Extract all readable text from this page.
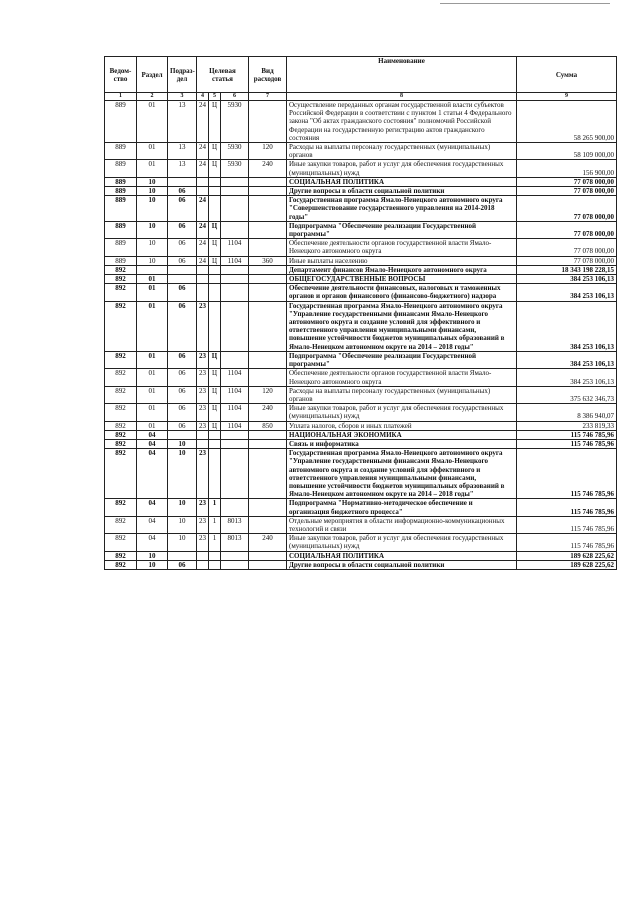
Ведом-ство	Раздел	Подраз-дел	Целевая статья			Вид расходов	Наименование	Сумма
1	2	3	4	5	6	7	8	9
889	01	13	24	Ц	5930		Осуществление переданных органам государственной власти субъектов Российской Федерации в соответствии с пунктом 1 статьи 4 Федерального закона "Об актах гражданского состояния" полномочий Российской Федерации на государственную регистрацию актов гражданского состояния	58 265 900,00
889	01	13	24	Ц	5930	120	Расходы на выплаты персоналу государственных (муниципальных) органов	58 109 000,00
889	01	13	24	Ц	5930	240	Иные закупки товаров, работ и услуг для обеспечения государственных (муниципальных) нужд	156 900,00
889	10						СОЦИАЛЬНАЯ ПОЛИТИКА	77 078 000,00
889	10	06					Другие вопросы в области социальной политики	77 078 000,00
889	10	06	24				Государственная программа Ямало-Ненецкого автономного округа "Совершенствование государственного управления на 2014-2018 годы"	77 078 000,00
889	10	06	24	Ц			Подпрограмма "Обеспечение реализации Государственной программы"	77 078 000,00
889	10	06	24	Ц	1104		Обеспечение деятельности органов государственной власти Ямало-Ненецкого автономного округа	77 078 000,00
889	10	06	24	Ц	1104	360	Иные выплаты населению	77 078 000,00
892							Департамент финансов Ямало-Ненецкого автономного округа	18 343 198 228,15
892	01						ОБЩЕГОСУДАРСТВЕННЫЕ ВОПРОСЫ	384 253 106,13
892	01	06					Обеспечение деятельности финансовых, налоговых и таможенных органов и органов финансового (финансово-бюджетного) надзора	384 253 106,13
892	01	06	23				Государственная программа Ямало-Ненецкого автономного округа "Управление государственными финансами Ямало-Ненецкого автономного округа и создание условий для эффективного и ответственного управления муниципальными финансами, повышение устойчивости бюджетов муниципальных образований в Ямало-Ненецком автономном округе на 2014 – 2018 годы"	384 253 106,13
892	01	06	23	Ц			Подпрограмма "Обеспечение реализации Государственной программы"	384 253 106,13
892	01	06	23	Ц	1104		Обеспечение деятельности органов государственной власти Ямало-Ненецкого автономного округа	384 253 106,13
892	01	06	23	Ц	1104	120	Расходы на выплаты персоналу государственных (муниципальных) органов	375 632 346,73
892	01	06	23	Ц	1104	240	Иные закупки товаров, работ и услуг для обеспечения государственных (муниципальных) нужд	8 386 940,07
892	01	06	23	Ц	1104	850	Уплата налогов, сборов и иных платежей	233 819,33
892	04						НАЦИОНАЛЬНАЯ ЭКОНОМИКА	115 746 785,96
892	04	10					Связь и информатика	115 746 785,96
892	04	10	23				Государственная программа Ямало-Ненецкого автономного округа "Управление государственными финансами Ямало-Ненецкого автономного округа и создание условий для эффективного и ответственного управления муниципальными финансами, повышение устойчивости бюджетов муниципальных образований в Ямало-Ненецком автономном округе на 2014 – 2018 годы"	115 746 785,96
892	04	10	23	1			Подпрограмма "Нормативно-методическое обеспечение и организация бюджетного процесса"	115 746 785,96
892	04	10	23	1	8013		Отдельные мероприятия в области информационно-коммуникационных технологий и связи	115 746 785,96
892	04	10	23	1	8013	240	Иные закупки товаров, работ и услуг для обеспечения государственных (муниципальных) нужд	115 746 785,96
892	10						СОЦИАЛЬНАЯ ПОЛИТИКА	189 628 225,62
892	10	06					Другие вопросы в области социальной политики	189 628 225,62
